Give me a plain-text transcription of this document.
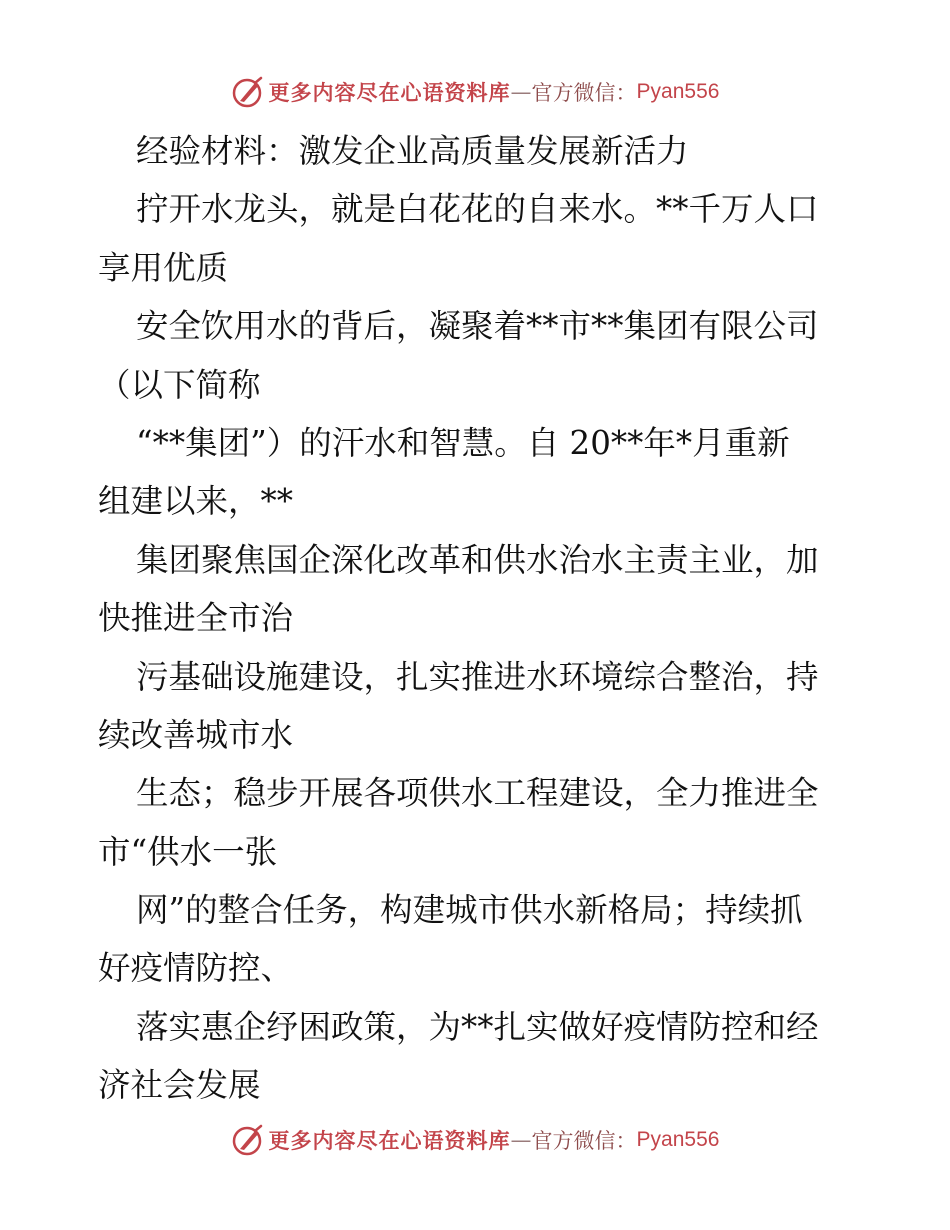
更多内容尽在心语资料库 — 官方微信： Pyan556
经验材料：激发企业高质量发展新活力
拧开水龙头，就是白花花的自来水。**千万人口
享用优质
安全饮用水的背后，凝聚着**市**集团有限公司
（以下简称
“**集团”）的汗水和智慧。自 20**年*月重新
组建以来，**
集团聚焦国企深化改革和供水治水主责主业，加
快推进全市治
污基础设施建设，扎实推进水环境综合整治，持
续改善城市水
生态；稳步开展各项供水工程建设，全力推进全
市“供水一张
网”的整合任务，构建城市供水新格局；持续抓
好疫情防控、
落实惠企纾困政策，为**扎实做好疫情防控和经
济社会发展
更多内容尽在心语资料库 — 官方微信： Pyan556
